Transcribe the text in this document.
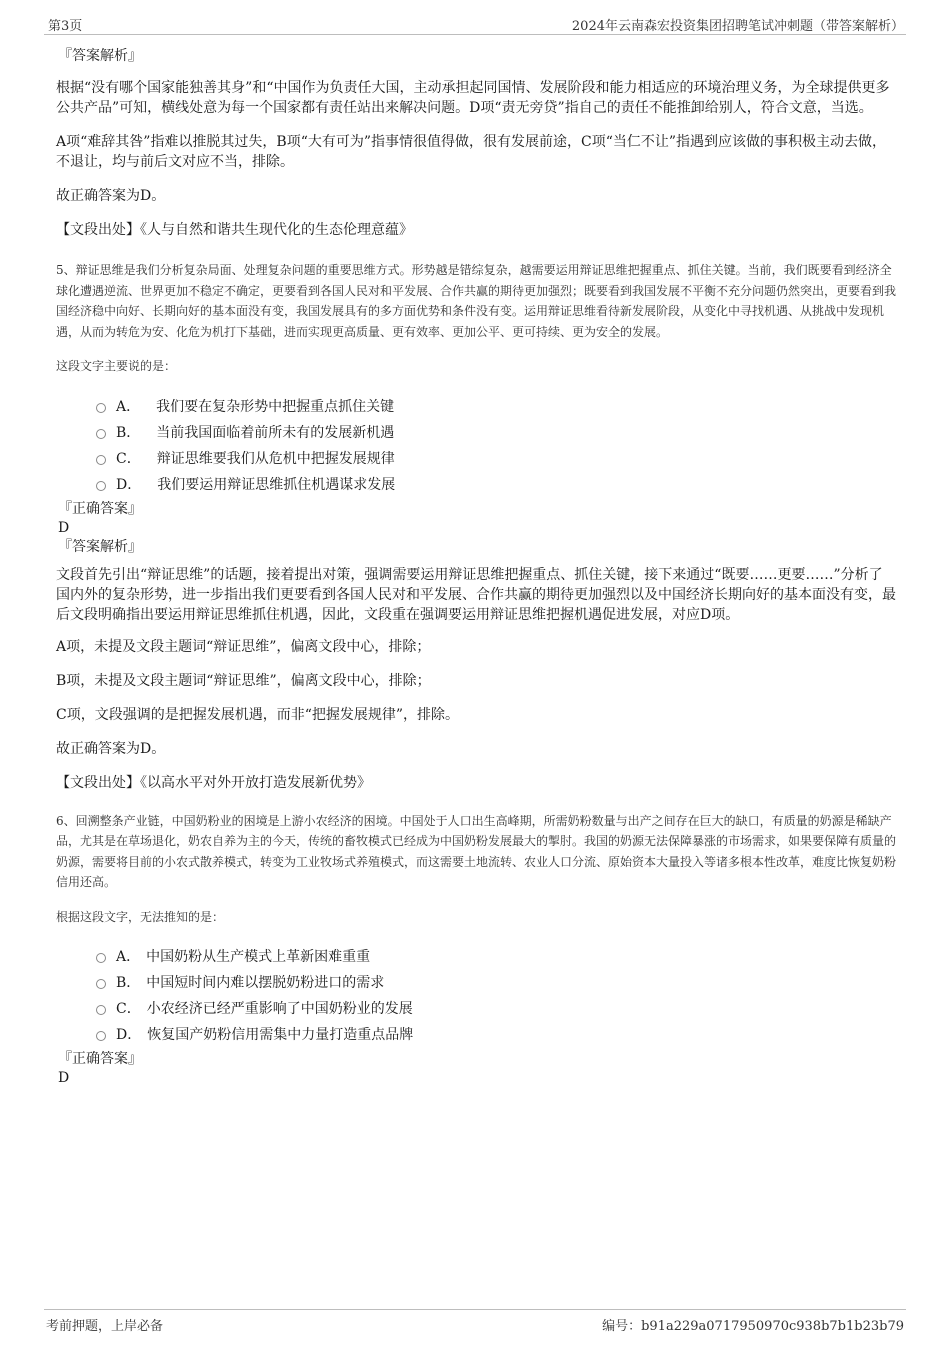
第3页	2024年云南森宏投资集团招聘笔试冲刺题（带答案解析）

『答案解析』

根据“没有哪个国家能独善其身”和“中国作为负责任大国，主动承担起同国情、发展阶段和能力相适应的环境治理义务，为全球提供更多公共产品”可知，横线处意为每一个国家都有责任站出来解决问题。D项“责无旁贷”指自己的责任不能推卸给别人，符合文意，当选。

A项“难辞其咎”指难以推脱其过失，B项“大有可为”指事情很值得做，很有发展前途，C项“当仁不让”指遇到应该做的事积极主动去做，不退让，均与前后文对应不当，排除。

故正确答案为D。

【文段出处】《人与自然和谐共生现代化的生态伦理意蕴》

5、辩证思维是我们分析复杂局面、处理复杂问题的重要思维方式。形势越是错综复杂，越需要运用辩证思维把握重点、抓住关键。当前，我们既要看到经济全球化遭遇逆流、世界更加不稳定不确定，更要看到各国人民对和平发展、合作共赢的期待更加强烈；既要看到我国发展不平衡不充分问题仍然突出，更要看到我国经济稳中向好、长期向好的基本面没有变，我国发展具有的多方面优势和条件没有变。运用辩证思维看待新发展阶段，从变化中寻找机遇、从挑战中发现机遇，从而为转危为安、化危为机打下基础，进而实现更高质量、更有效率、更加公平、更可持续、更为安全的发展。

这段文字主要说的是：

A． 我们要在复杂形势中把握重点抓住关键
B． 当前我国面临着前所未有的发展新机遇
C． 辩证思维要我们从危机中把握发展规律
D． 我们要运用辩证思维抓住机遇谋求发展

『正确答案』

D

『答案解析』

文段首先引出“辩证思维”的话题，接着提出对策，强调需要运用辩证思维把握重点、抓住关键，接下来通过“既要……更要……”分析了国内外的复杂形势，进一步指出我们更要看到各国人民对和平发展、合作共赢的期待更加强烈以及中国经济长期向好的基本面没有变，最后文段明确指出要运用辩证思维抓住机遇，因此，文段重在强调要运用辩证思维把握机遇促进发展，对应D项。

A项，未提及文段主题词“辩证思维”，偏离文段中心，排除；

B项，未提及文段主题词“辩证思维”，偏离文段中心，排除；

C项，文段强调的是把握发展机遇，而非“把握发展规律”，排除。

故正确答案为D。

【文段出处】《以高水平对外开放打造发展新优势》

6、回溯整条产业链，中国奶粉业的困境是上游小农经济的困境。中国处于人口出生高峰期，所需奶粉数量与出产之间存在巨大的缺口，有质量的奶源是稀缺产品，尤其是在草场退化，奶农自养为主的今天，传统的畜牧模式已经成为中国奶粉发展最大的掣肘。我国的奶源无法保障暴涨的市场需求，如果要保障有质量的奶源，需要将目前的小农式散养模式，转变为工业牧场式养殖模式，而这需要土地流转、农业人口分流、原始资本大量投入等诸多根本性改革，难度比恢复奶粉信用还高。

根据这段文字，无法推知的是：

A． 中国奶粉从生产模式上革新困难重重
B． 中国短时间内难以摆脱奶粉进口的需求
C． 小农经济已经严重影响了中国奶粉业的发展
D． 恢复国产奶粉信用需集中力量打造重点品牌

『正确答案』

D

考前押题，上岸必备	编号：b91a229a0717950970c938b7b1b23b79
